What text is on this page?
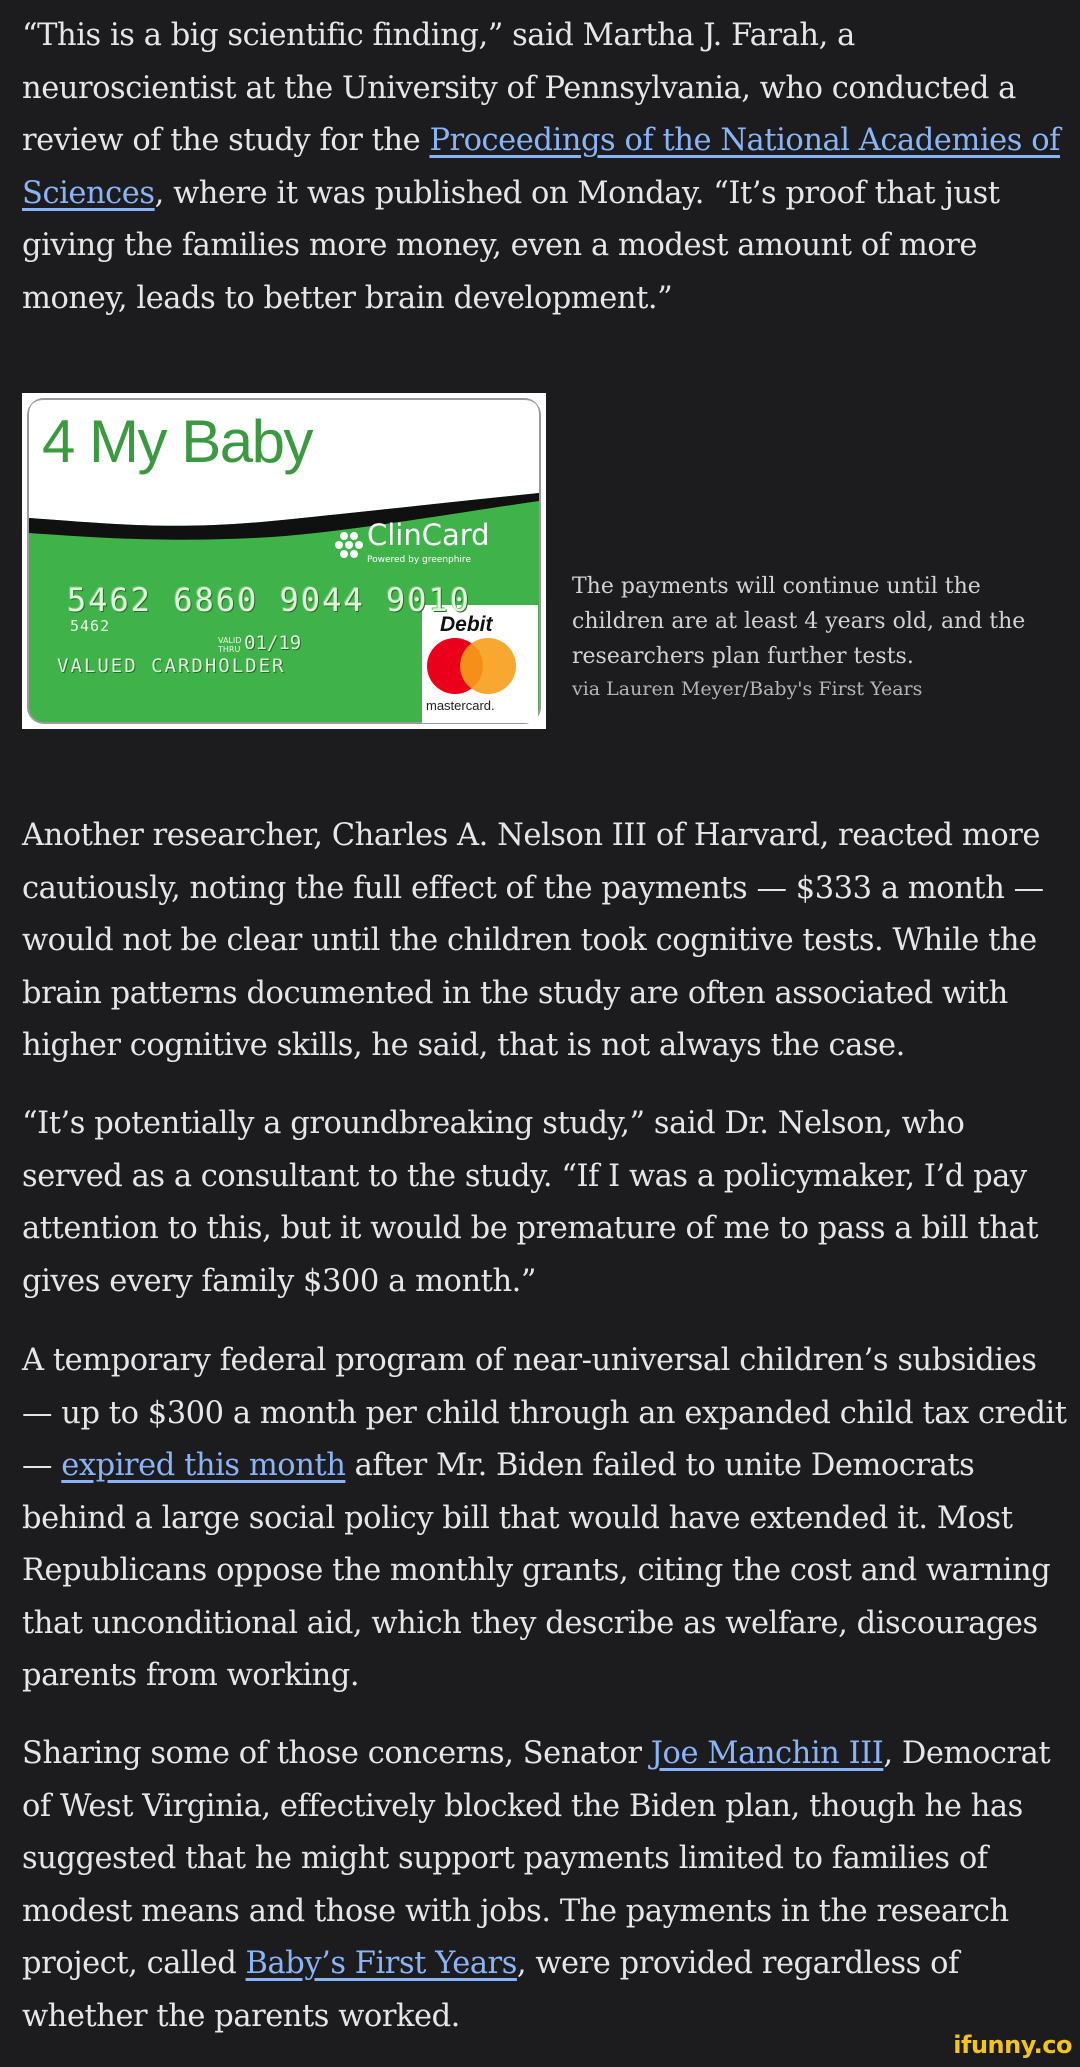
“This is a big scientific finding,” said Martha J. Farah, a neuroscientist at the University of Pennsylvania, who conducted a review of the study for the Proceedings of the National Academies of Sciences, where it was published on Monday. “It’s proof that just giving the families more money, even a modest amount of more money, leads to better brain development.”

Another researcher, Charles A. Nelson III of Harvard, reacted more cautiously, noting the full effect of the payments — $333 a month — would not be clear until the children took cognitive tests. While the brain patterns documented in the study are often associated with higher cognitive skills, he said, that is not always the case.

“It’s potentially a groundbreaking study,” said Dr. Nelson, who served as a consultant to the study. “If I was a policymaker, I’d pay attention to this, but it would be premature of me to pass a bill that gives every family $300 a month.”

A temporary federal program of near-universal children’s subsidies — up to $300 a month per child through an expanded child tax credit — expired this month after Mr. Biden failed to unite Democrats behind a large social policy bill that would have extended it. Most Republicans oppose the monthly grants, citing the cost and warning that unconditional aid, which they describe as welfare, discourages parents from working.

Sharing some of those concerns, Senator Joe Manchin III, Democrat of West Virginia, effectively blocked the Biden plan, though he has suggested that he might support payments limited to families of modest means and those with jobs. The payments in the research project, called Baby’s First Years, were provided regardless of whether the parents worked.

4 My Baby
ClinCard
Powered by greenphire
5462 6860 9044 9010
5462
VALID
THRU 01/19
VALUED CARDHOLDER
Debit
mastercard.
The payments will continue until the children are at least 4 years old, and the researchers plan further tests.
via Lauren Meyer/Baby's First Years
ifunny.co
